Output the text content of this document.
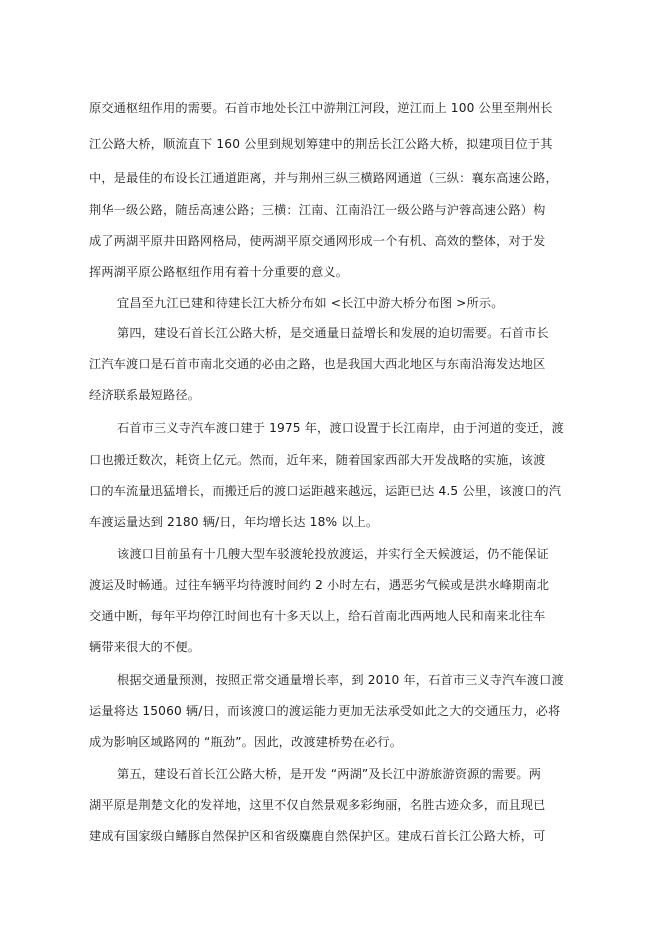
原交通枢纽作用的需要。石首市地处长江中游荆江河段，逆江而上 100 公里至荆州长
江公路大桥，顺流直下 160 公里到规划筹建中的荆岳长江公路大桥，拟建项目位于其
中，是最佳的布设长江通道距离，并与荆州三纵三横路网通道（三纵：襄东高速公路，
荆华一级公路，随岳高速公路；三横：江南、江南沿江一级公路与沪蓉高速公路）构
成了两湖平原井田路网格局，使两湖平原交通网形成一个有机、高效的整体，对于发
挥两湖平原公路枢纽作用有着十分重要的意义。
宜昌至九江已建和待建长江大桥分布如 <长江中游大桥分布图 >所示。
第四，建设石首长江公路大桥，是交通量日益增长和发展的迫切需要。石首市长
江汽车渡口是石首市南北交通的必由之路，也是我国大西北地区与东南沿海发达地区
经济联系最短路径。
石首市三义寺汽车渡口建于 1975 年，渡口设置于长江南岸，由于河道的变迁，渡
口也搬迁数次，耗资上亿元。然而，近年来，随着国家西部大开发战略的实施，该渡
口的车流量迅猛增长，而搬迁后的渡口运距越来越远，运距已达 4.5 公里，该渡口的汽
车渡运量达到 2180 辆/日，年均增长达 18% 以上。
该渡口目前虽有十几艘大型车驳渡轮投放渡运，并实行全天候渡运，仍不能保证
渡运及时畅通。过往车辆平均待渡时间约 2 小时左右，遇恶劣气候或是洪水峰期南北
交通中断，每年平均停江时间也有十多天以上，给石首南北西两地人民和南来北往车
辆带来很大的不便。
根据交通量预测，按照正常交通量增长率，到 2010 年，石首市三义寺汽车渡口渡
运量将达 15060 辆/日，而该渡口的渡运能力更加无法承受如此之大的交通压力，必将
成为影响区域路网的 “瓶劲”。因此，改渡建桥势在必行。
第五，建设石首长江公路大桥，是开发 “两湖”及长江中游旅游资源的需要。两
湖平原是荆楚文化的发祥地，这里不仅自然景观多彩绚丽，名胜古迹众多，而且现已
建成有国家级白鳍豚自然保护区和省级麋鹿自然保护区。建成石首长江公路大桥，可
